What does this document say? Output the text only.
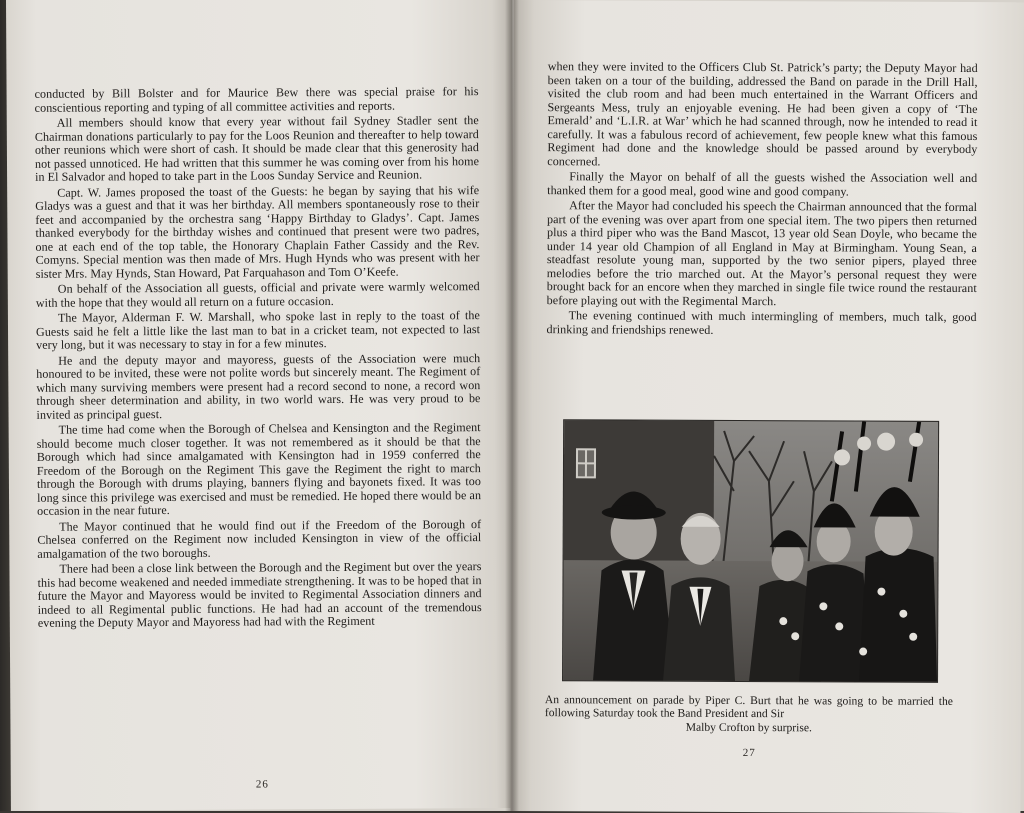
conducted by Bill Bolster and for Maurice Bew there was special praise for his conscientious reporting and typing of all committee activities and reports.

All members should know that every year without fail Sydney Stadler sent the Chairman donations particularly to pay for the Loos Reunion and thereafter to help toward other reunions which were short of cash. It should be made clear that this generosity had not passed unnoticed. He had written that this summer he was coming over from his home in El Salvador and hoped to take part in the Loos Sunday Service and Reunion.

Capt. W. James proposed the toast of the Guests: he began by saying that his wife Gladys was a guest and that it was her birthday. All members spontaneously rose to their feet and accompanied by the orchestra sang ‘Happy Birthday to Gladys’. Capt. James thanked everybody for the birthday wishes and continued that present were two padres, one at each end of the top table, the Honorary Chaplain Father Cassidy and the Rev. Comyns. Special mention was then made of Mrs. Hugh Hynds who was present with her sister Mrs. May Hynds, Stan Howard, Pat Farquahason and Tom O’Keefe.

On behalf of the Association all guests, official and private were warmly welcomed with the hope that they would all return on a future occasion.

The Mayor, Alderman F. W. Marshall, who spoke last in reply to the toast of the Guests said he felt a little like the last man to bat in a cricket team, not expected to last very long, but it was necessary to stay in for a few minutes.

He and the deputy mayor and mayoress, guests of the Association were much honoured to be invited, these were not polite words but sincerely meant. The Regiment of which many surviving members were present had a record second to none, a record won through sheer determination and ability, in two world wars. He was very proud to be invited as principal guest.

The time had come when the Borough of Chelsea and Kensington and the Regiment should become much closer together. It was not remembered as it should be that the Borough which had since amalgamated with Kensington had in 1959 conferred the Freedom of the Borough on the Regiment This gave the Regiment the right to march through the Borough with drums playing, banners flying and bayonets fixed. It was too long since this privilege was exercised and must be remedied. He hoped there would be an occasion in the near future.

The Mayor continued that he would find out if the Freedom of the Borough of Chelsea conferred on the Regiment now included Kensington in view of the official amalgamation of the two boroughs.

There had been a close link between the Borough and the Regiment but over the years this had become weakened and needed immediate strengthening. It was to be hoped that in future the Mayor and Mayoress would be invited to Regimental Association dinners and indeed to all Regimental public functions. He had had an account of the tremendous evening the Deputy Mayor and Mayoress had had with the Regiment

26

when they were invited to the Officers Club St. Patrick’s party; the Deputy Mayor had been taken on a tour of the building, addressed the Band on parade in the Drill Hall, visited the club room and had been much entertained in the Warrant Officers and Sergeants Mess, truly an enjoyable evening. He had been given a copy of ‘The Emerald’ and ‘L.I.R. at War’ which he had scanned through, now he intended to read it carefully. It was a fabulous record of achievement, few people knew what this famous Regiment had done and the knowledge should be passed around by everybody concerned.

Finally the Mayor on behalf of all the guests wished the Association well and thanked them for a good meal, good wine and good company.

After the Mayor had concluded his speech the Chairman announced that the formal part of the evening was over apart from one special item. The two pipers then returned plus a third piper who was the Band Mascot, 13 year old Sean Doyle, who became the under 14 year old Champion of all England in May at Birmingham. Young Sean, a steadfast resolute young man, supported by the two senior pipers, played three melodies before the trio marched out. At the Mayor’s personal request they were brought back for an encore when they marched in single file twice round the restaurant before playing out with the Regimental March.

The evening continued with much intermingling of members, much talk, good drinking and friendships renewed.

An announcement on parade by Piper C. Burt that he was going to be married the following Saturday took the Band President and Sir
Malby Crofton by surprise.
27
